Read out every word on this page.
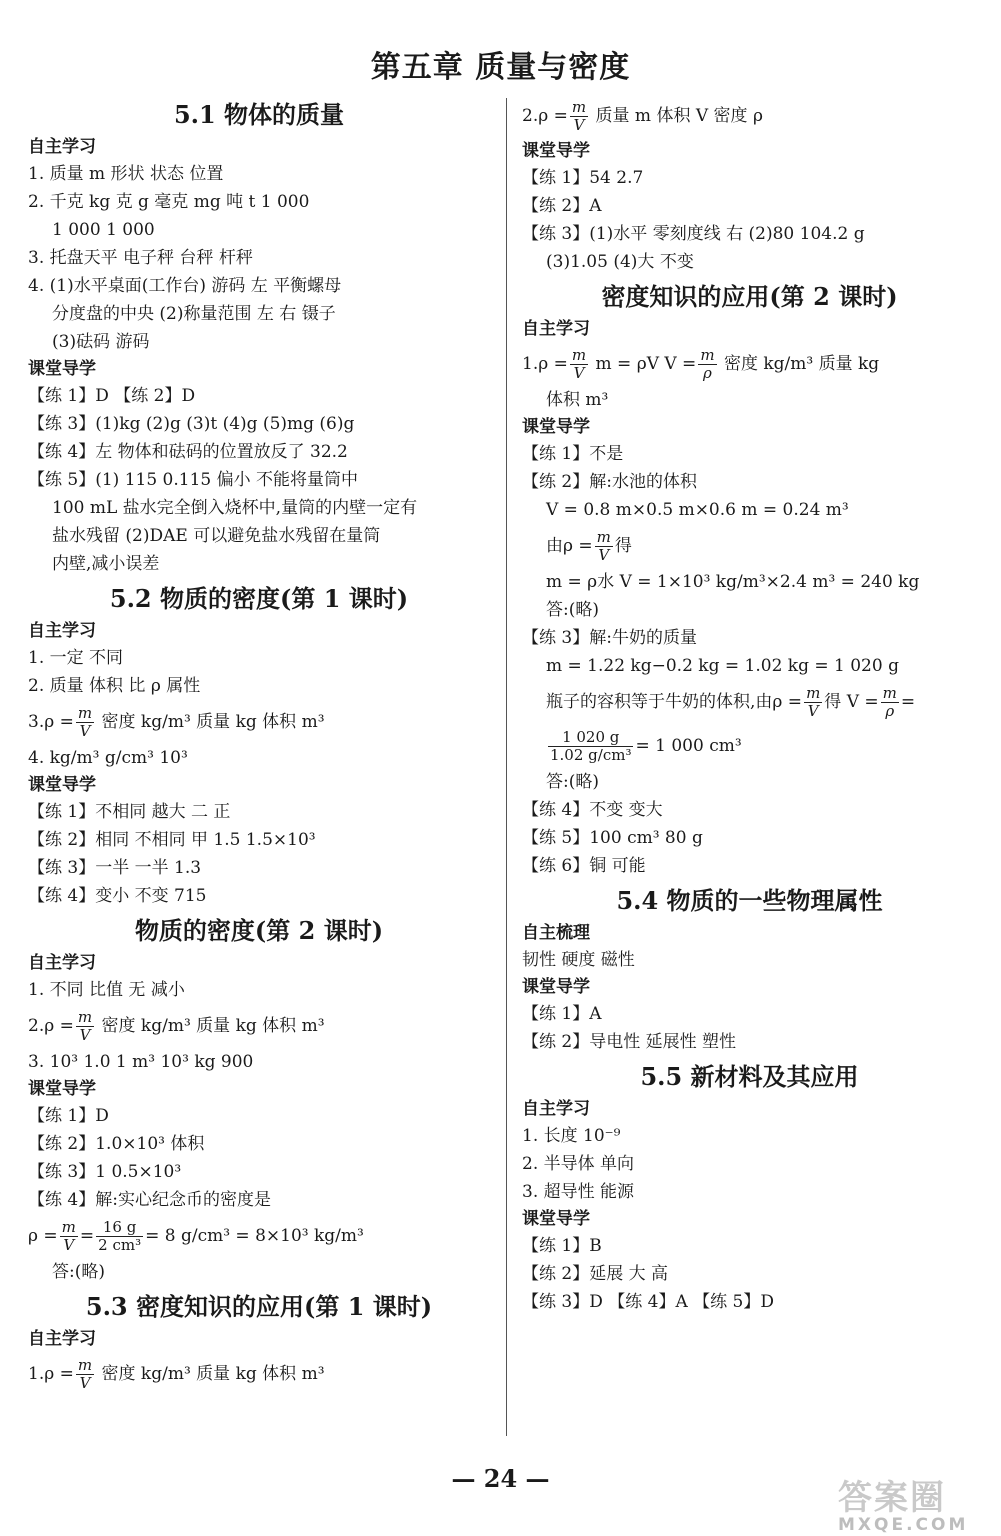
第五章 质量与密度
5.1 物体的质量
自主学习
1. 质量 m 形状 状态 位置
2. 千克 kg 克 g 毫克 mg 吨 t 1 000
1 000 1 000
3. 托盘天平 电子秤 台秤 杆秤
4. (1)水平桌面(工作台) 游码 左 平衡螺母
分度盘的中央 (2)称量范围 左 右 镊子
(3)砝码 游码
课堂导学
【练 1】D 【练 2】D
【练 3】(1)kg (2)g (3)t (4)g (5)mg (6)g
【练 4】左 物体和砝码的位置放反了 32.2
【练 5】(1) 115 0.115 偏小 不能将量筒中
100 mL 盐水完全倒入烧杯中,量筒的内壁一定有
盐水残留 (2)DAE 可以避免盐水残留在量筒
内壁,减小误差
5.2 物质的密度(第 1 课时)
自主学习
1. 一定 不同
2. 质量 体积 比 ρ 属性
$3.\rho = \frac{m}{V}$ 密度 kg/m³ 质量 kg 体积 m³
4. kg/m³ g/cm³ 10³
课堂导学
【练 1】不相同 越大 二 正
【练 2】相同 不相同 甲 1.5 1.5×10³
【练 3】一半 一半 1.3
【练 4】变小 不变 715
物质的密度(第 2 课时)
自主学习
1. 不同 比值 无 减小
$2.\rho = \frac{m}{V}$ 密度 kg/m³ 质量 kg 体积 m³
3. 10³ 1.0 1 m³ 10³ kg 900
课堂导学
【练 1】D
【练 2】1.0×10³ 体积
【练 3】1 0.5×10³
【练 4】解:实心纪念币的密度是
$\rho = \frac{m}{V} = \frac{16 g}{\text{2 cm³}} = 8$ g/cm³ = 8×10³ kg/m³
答:(略)
5.3 密度知识的应用(第 1 课时)
自主学习
$1.\rho = \frac{m}{V}$ 密度 kg/m³ 质量 kg 体积 m³
$2.\rho = \frac{m}{V}$ 质量 m 体积 V 密度 ρ
课堂导学
【练 1】54 2.7
【练 2】A
【练 3】(1)水平 零刻度线 右 (2)80 104.2 g
(3)1.05 (4)大 不变
密度知识的应用(第 2 课时)
自主学习
$1.\rho = \frac{m}{V}$ m = ρV $V = \frac{m}{\rho}$ 密度 kg/m³ 质量 kg
体积 m³
课堂导学
【练 1】不是
【练 2】解:水池的体积
V = 0.8 m×0.5 m×0.6 m = 0.24 m³
由$\rho = \frac{m}{V}$ 得
m = ρ水 V = 1×10³ kg/m³×2.4 m³ = 240 kg
答:(略)
【练 3】解:牛奶的质量
m = 1.22 kg−0.2 kg = 1.02 kg = 1 020 g
瓶子的容积等于牛奶的体积,由$\rho = \frac{m}{V}$ 得 $V = \frac{m}{\rho}$ =
$\frac{1 020 g}{\text{1.02 g/cm³}} = 1$ 000 cm³
答:(略)
【练 4】不变 变大
【练 5】100 cm³ 80 g
【练 6】铜 可能
5.4 物质的一些物理属性
自主梳理
韧性 硬度 磁性
课堂导学
【练 1】A
【练 2】导电性 延展性 塑性
5.5 新材料及其应用
自主学习
1. 长度 10⁻⁹
2. 半导体 单向
3. 超导性 能源
课堂导学
【练 1】B
【练 2】延展 大 高
【练 3】D 【练 4】A 【练 5】D
— 24 —	答案圈
MXQE.COM
